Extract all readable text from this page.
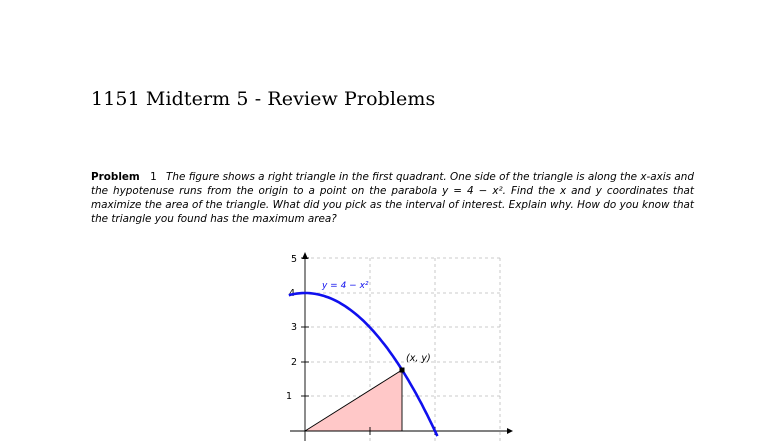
1151 Midterm 5 - Review Problems
Problem 1 The figure shows a right triangle in the first quadrant. One side of the triangle is along the x-axis and the hypotenuse runs from the origin to a point on the parabola y = 4 − x². Find the x and y coordinates that maximize the area of the triangle. What did you pick as the interval of interest. Explain why. How do you know that the triangle you found has the maximum area?
1
2
3
4
5
y = 4 − x²
(x, y)
